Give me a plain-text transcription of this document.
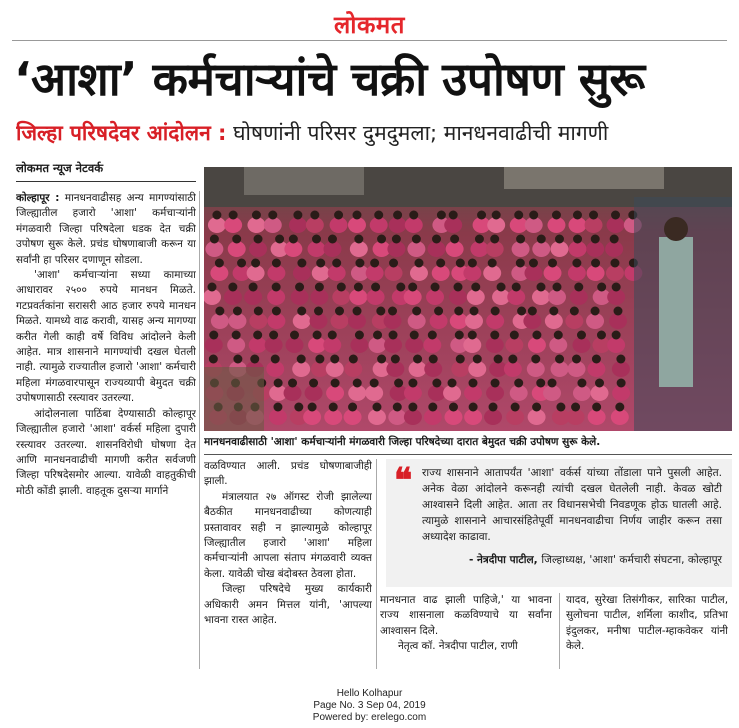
लोकमत
‘आशा’ कर्मचाऱ्यांचे चक्री उपोषण सुरू
जिल्हा परिषदेवर आंदोलन : घोषणांनी परिसर दुमदुमला; मानधनवाढीची मागणी
लोकमत न्यूज नेटवर्क
मानधनवाढीसाठी 'आशा' कर्मचाऱ्यांनी मंगळवारी जिल्हा परिषदेच्या दारात बेमुदत चक्री उपोषण सुरू केले.

कोल्हापूर : मानधनवाढीसह अन्य मागण्यांसाठी जिल्ह्यातील हजारो 'आशा' कर्मचाऱ्यांनी मंगळवारी जिल्हा परिषदेला धडक देत चक्री उपोषण सुरू केले. प्रचंड घोषणाबाजी करून या सर्वांनी हा परिसर दणाणून सोडला.

'आशा' कर्मचाऱ्यांना सध्या कामाच्या आधारावर २५०० रुपये मानधन मिळते. गटप्रवर्तकांना सरासरी आठ हजार रुपये मानधन मिळते. यामध्ये वाढ करावी, यासह अन्य मागण्या करीत गेली काही वर्षे विविध आंदोलने केली आहेत. मात्र शासनाने मागण्यांची दखल घेतली नाही. त्यामुळे राज्यातील हजारो 'आशा' कर्मचारी महिला मंगळवारपासून राज्यव्यापी बेमुदत चक्री उपोषणासाठी रस्त्यावर उतरल्या.

आंदोलनाला पाठिंबा देण्यासाठी कोल्हापूर जिल्ह्यातील हजारो 'आशा' वर्कर्स महिला दुपारी रस्त्यावर उतरल्या. शासनविरोधी घोषणा देत आणि मानधनवाढीची मागणी करीत सर्वजणी जिल्हा परिषदेसमोर आल्या. यावेळी वाहतुकीची मोठी कोंडी झाली. वाहतूक दुसऱ्या मार्गाने

वळविण्यात आली. प्रचंड घोषणाबाजीही झाली.

मंत्रालयात २७ ऑगस्ट रोजी झालेल्या बैठकीत मानधनवाढीच्या कोणत्याही प्रस्तावावर सही न झाल्यामुळे कोल्हापूर जिल्ह्यातील हजारो 'आशा' महिला कर्मचाऱ्यांनी आपला संताप मंगळवारी व्यक्त केला. यावेळी चोख बंदोबस्त ठेवला होता.

जिल्हा परिषदेचे मुख्य कार्यकारी अधिकारी अमन मित्तल यांनी, 'आपल्या भावना रास्त आहेत.

❝ राज्य शासनाने आतापर्यंत 'आशा' वर्कर्स यांच्या तोंडाला पाने पुसली आहेत. अनेक वेळा आंदोलने करूनही त्यांची दखल घेतलेली नाही. केवळ खोटी आश्वासने दिली आहेत. आता तर विधानसभेची निवडणूक होऊ घातली आहे. त्यामुळे शासनाने आचारसंहितेपूर्वी मानधनवाढीचा निर्णय जाहीर करून तसा अध्यादेश काढावा.
- नेत्रदीपा पाटील, जिल्हाध्यक्ष, 'आशा' कर्मचारी संघटना, कोल्हापूर

मानधनात वाढ झाली पाहिजे,' या भावना राज्य शासनाला कळविण्याचे या सर्वांना आश्वासन दिले.

नेतृत्व कॉ. नेत्रदीपा पाटील, राणी

यादव, सुरेखा तिसंगीकर, सारिका पाटील, सुलोचना पाटील, शर्मिला काशीद, प्रतिभा इंदुलकर, मनीषा पाटील-म्हाकवेकर यांनी केले.

Hello Kolhapur
Page No. 3 Sep 04, 2019
Powered by: erelego.com
